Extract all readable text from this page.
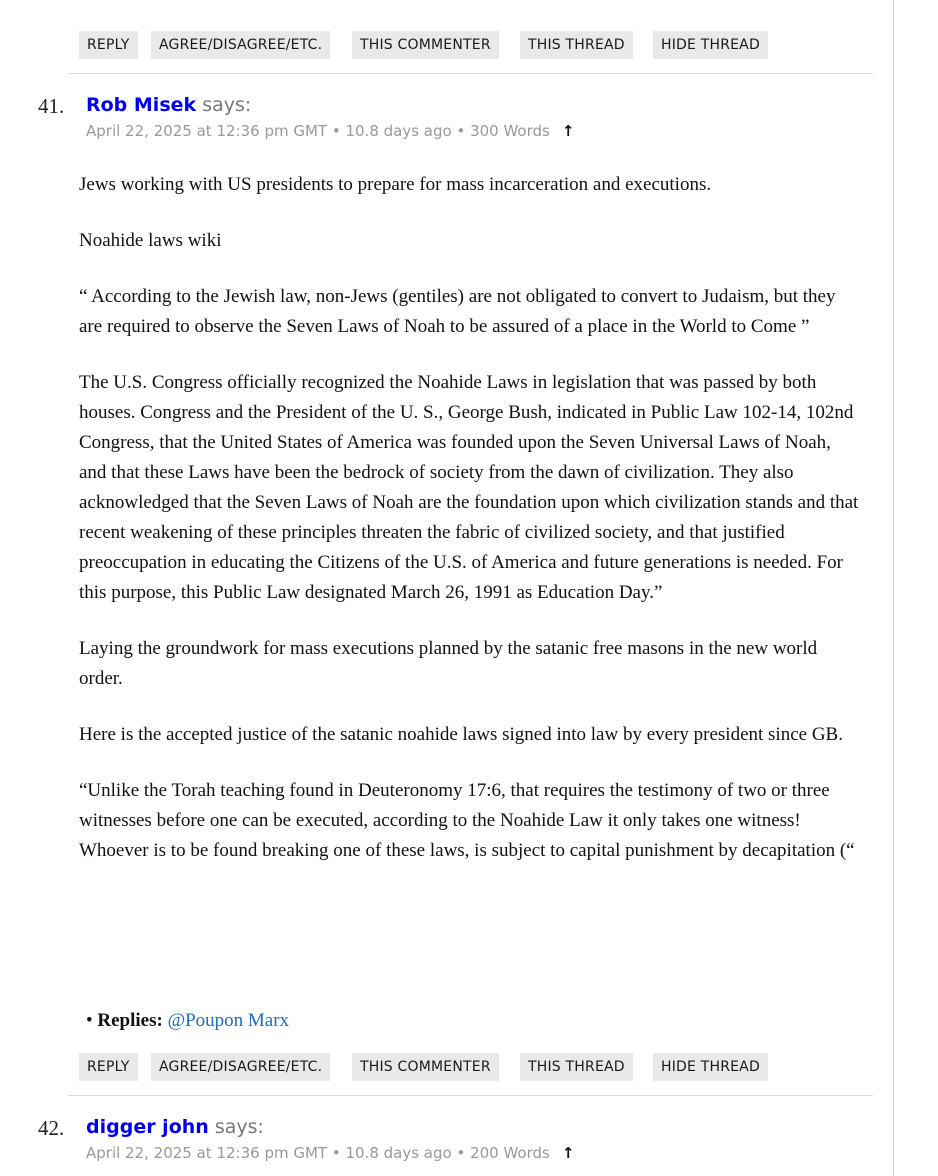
REPLY	AGREE/DISAGREE/ETC.	THIS COMMENTER	THIS THREAD	HIDE THREAD
41. Rob Misek says:
April 22, 2025 at 12:36 pm GMT • 10.8 days ago • 300 Words ↑

Jews working with US presidents to prepare for mass incarceration and executions.

Noahide laws wiki

“ According to the Jewish law, non-Jews (gentiles) are not obligated to convert to Judaism, but they are required to observe the Seven Laws of Noah to be assured of a place in the World to Come ”

The U.S. Congress officially recognized the Noahide Laws in legislation that was passed by both houses. Congress and the President of the U. S., George Bush, indicated in Public Law 102-14, 102nd Congress, that the United States of America was founded upon the Seven Universal Laws of Noah, and that these Laws have been the bedrock of society from the dawn of civilization. They also acknowledged that the Seven Laws of Noah are the foundation upon which civilization stands and that recent weakening of these principles threaten the fabric of civilized society, and that justified preoccupation in educating the Citizens of the U.S. of America and future generations is needed. For this purpose, this Public Law designated March 26, 1991 as Education Day.”

Laying the groundwork for mass executions planned by the satanic free masons in the new world order.

Here is the accepted justice of the satanic noahide laws signed into law by every president since GB.

“Unlike the Torah teaching found in Deuteronomy 17:6, that requires the testimony of two or three witnesses before one can be executed, according to the Noahide Law it only takes one witness! Whoever is to be found breaking one of these laws, is subject to capital punishment by decapitation (“

• Replies: @Poupon Marx
REPLY	AGREE/DISAGREE/ETC.	THIS COMMENTER	THIS THREAD	HIDE THREAD
42. digger john says:
April 22, 2025 at 12:36 pm GMT • 10.8 days ago • 200 Words ↑
